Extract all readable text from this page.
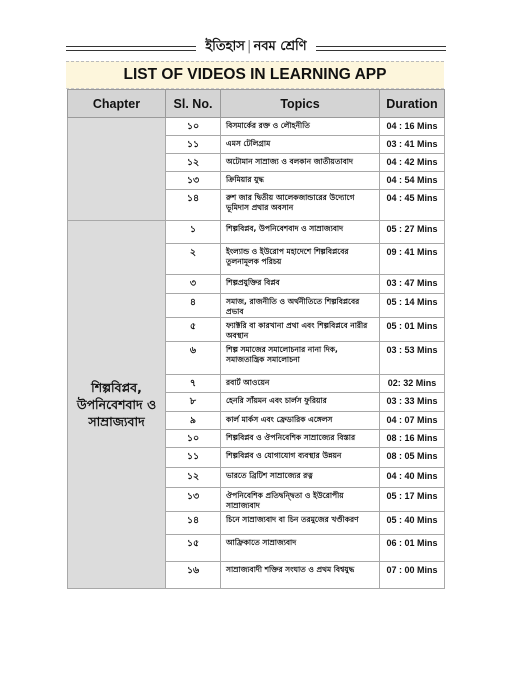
ইতিহাস | নবম শ্রেণি
LIST OF VIDEOS IN LEARNING APP
Chapter	Sl. No.	Topics	Duration
	১০	বিসমার্কের রক্ত ও লৌহনীতি	04 : 16 Mins
	১১	এমস টেলিগ্রাম	03 : 41 Mins
	১২	অটোমান সাম্রাজ্য ও বলকান জাতীয়তাবাদ	04 : 42 Mins
	১৩	ক্রিমিয়ার যুদ্ধ	04 : 54 Mins
	১৪	রুশ জার দ্বিতীয় আলেকজান্ডারের উদ্যোগে ভূমিদাস প্রথার অবসান	04 : 45 Mins
শিল্পবিপ্লব, উপনিবেশবাদ ও সাম্রাজ্যবাদ	১	শিল্পবিপ্লব, উপনিবেশবাদ ও সাম্রাজ্যবাদ	05 : 27 Mins
	২	ইংল্যান্ড ও ইউরোপ মহাদেশে শিল্পবিপ্লবের তুলনামূলক পরিচয়	09 : 41 Mins
	৩	শিল্পপ্রযুক্তির বিপ্লব	03 : 47 Mins
	৪	সমাজ, রাজনীতি ও অর্থনীতিতে শিল্পবিপ্লবের প্রভাব	05 : 14 Mins
	৫	ফ্যাক্টরি বা কারখানা প্রথা এবং শিল্পবিপ্লবে নারীর অবস্থান	05 : 01 Mins
	৬	শিল্প সমাজের সমালোচনার নানা দিক, সমাজতান্ত্রিক সমালোচনা	03 : 53 Mins
	৭	রবার্ট আওয়েন	02: 32 Mins
	৮	হেনরি সাঁয়মন এবং চার্লস ফুরিয়ার	03 : 33 Mins
	৯	কার্ল মার্কস এবং ফ্রেডারিক এঙ্গেলস	04 : 07 Mins
	১০	শিল্পবিপ্লব ও ঔপনিবেশিক সাম্রাজ্যের বিস্তার	08 : 16 Mins
	১১	শিল্পবিপ্লব ও যোগাযোগ ব্যবস্থার উন্নয়ন	08 : 05 Mins
	১২	ভারতে ব্রিটিশ সাম্রাজ্যের রত্ন	04 : 40 Mins
	১৩	ঔপনিবেশিক প্রতিদ্বন্দ্বিতা ও ইউরোপীয় সাম্রাজ্যবাদ	05 : 17 Mins
	১৪	চিনে সাম্রাজ্যবাদ বা চিন তরমুজের খণ্ডীকরণ	05 : 40 Mins
	১৫	আফ্রিকাতে সাম্রাজ্যবাদ	06 : 01 Mins
	১৬	সাম্রাজ্যবাদী শক্তির সংঘাত ও প্রথম বিশ্বযুদ্ধ	07 : 00 Mins
